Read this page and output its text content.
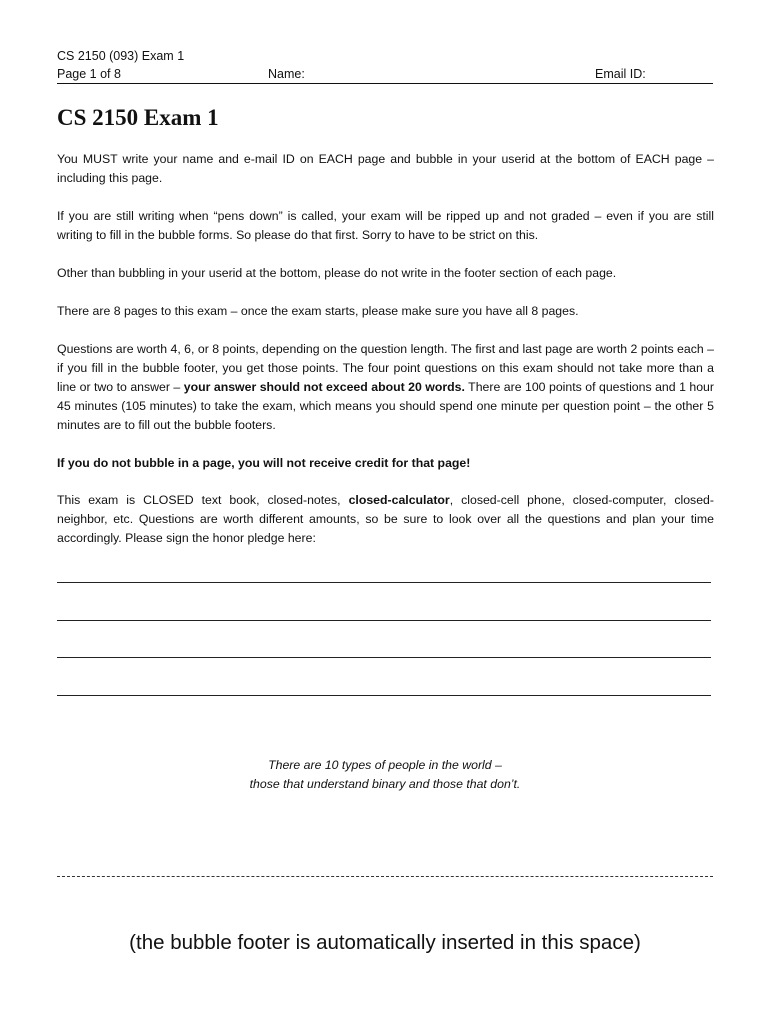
CS 2150 (093) Exam 1
Page 1 of 8	Name:	Email ID:
CS 2150 Exam 1

You MUST write your name and e-mail ID on EACH page and bubble in your userid at the bottom of EACH page – including this page.

If you are still writing when “pens down” is called, your exam will be ripped up and not graded – even if you are still writing to fill in the bubble forms. So please do that first. Sorry to have to be strict on this.

Other than bubbling in your userid at the bottom, please do not write in the footer section of each page.

There are 8 pages to this exam – once the exam starts, please make sure you have all 8 pages.

Questions are worth 4, 6, or 8 points, depending on the question length. The first and last page are worth 2 points each – if you fill in the bubble footer, you get those points. The four point questions on this exam should not take more than a line or two to answer – your answer should not exceed about 20 words. There are 100 points of questions and 1 hour 45 minutes (105 minutes) to take the exam, which means you should spend one minute per question point – the other 5 minutes are to fill out the bubble footers.

If you do not bubble in a page, you will not receive credit for that page!

This exam is CLOSED text book, closed-notes, closed-calculator, closed-cell phone, closed-computer, closed-neighbor, etc. Questions are worth different amounts, so be sure to look over all the questions and plan your time accordingly. Please sign the honor pledge here:

There are 10 types of people in the world –
those that understand binary and those that don’t.
(the bubble footer is automatically inserted in this space)
